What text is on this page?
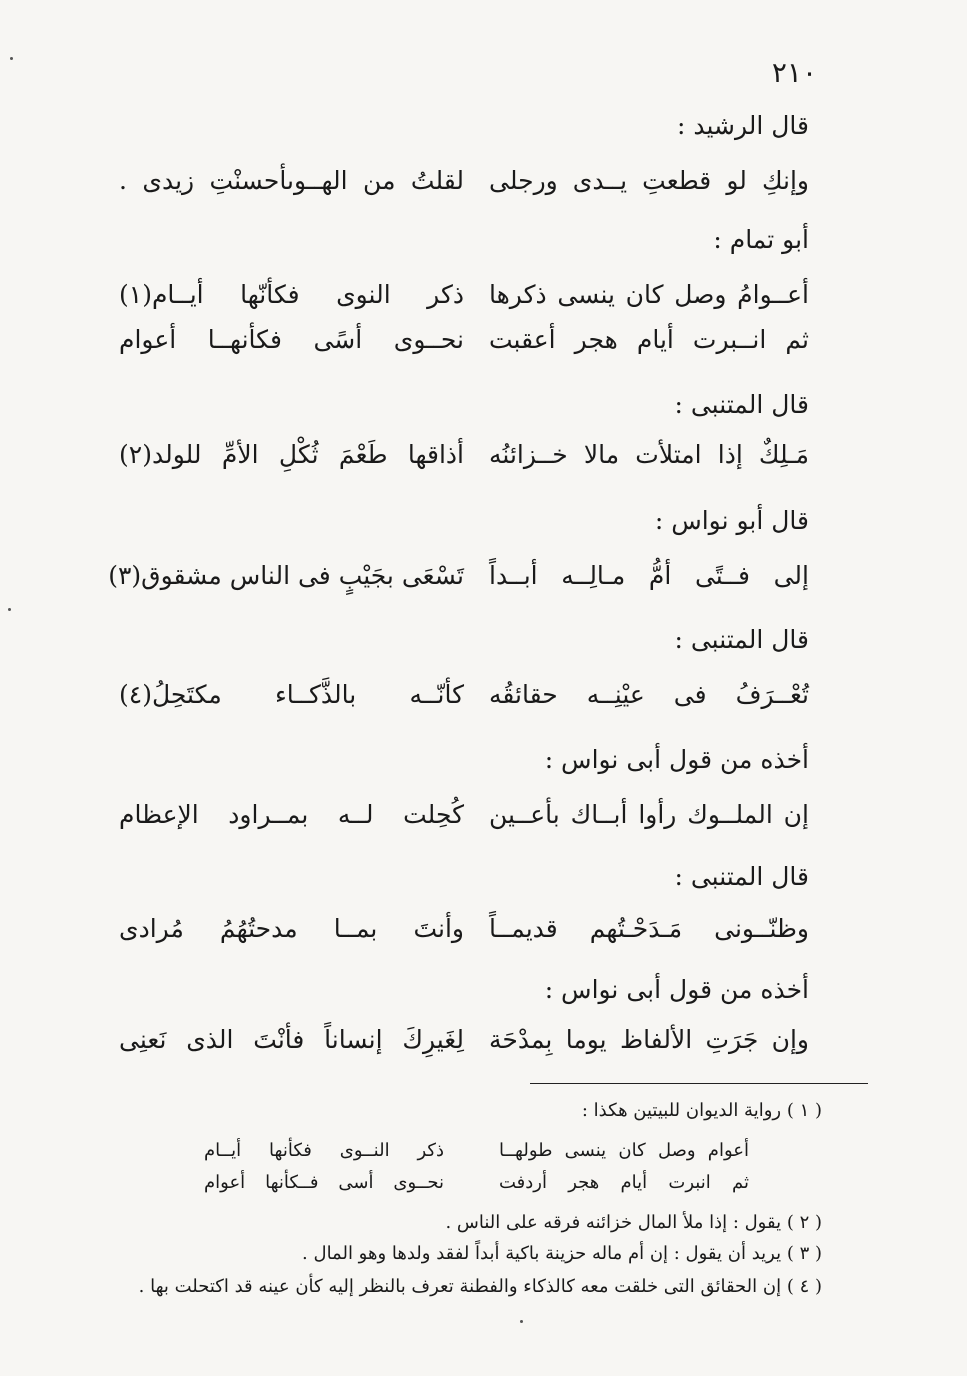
٢١٠
قال الرشيد :
وإنكِ لو قطعتِ يــدى ورجلى
لقلتُ من الهــوىأحسنْتِ زيدى .
أبو تمام :
أعــوامُ وصل كان ينسى ذكرها
ذكر النوى فكأنّها أيــام(١)
ثم انــبرت أيام هجر أعقبت
نحــوى أسًى فكأنهــا أعوام
قال المتنبى :
مَـلِكٌ إذا امتلأت مالا خــزائنُه
أذاقها طَعْمَ ثُكْلِ الأمِّ للولد(٢)
قال أبو نواس :
إلى فــتًى أمُّ مـالِــه أبــداً
تَسْعَى بجَيْبٍ فى الناس مشقوق(٣)
قال المتنبى :
تُعْــرَفُ فى عيْنِــه حقائقُه
كأنّــه بالذَّكــاء مكتَحِلُ(٤)
أخذه من قول أبى نواس :
إن الملــوك رأوا أبــاك بأعــين
كُحِلت لــه بمــراود الإعظام
قال المتنبى :
وظنّــونى مَـدَحْـتُهم قديمــاً
وأنتَ بمــا مدحتُهُمُ مُرادى
أخذه من قول أبى نواس :
وإن جَرَتِ الألفاظ يوما بِمدْحَة
لِغَيرِكَ إنساناً فأنْتَ الذى نَعنِى
( ١ ) رواية الديوان للبيتين هكذا :
أعوام وصل كان ينسى طولهــا
ذكر النــوى فكأنها أيــام
ثم انبرت أيام هجر أردفت
نحــوى أسى فــكأنها أعوام
( ٢ ) يقول : إذا ملأ المال خزائنه فرقه على الناس .
( ٣ ) يريد أن يقول : إن أم ماله حزينة باكية أبداً لفقد ولدها وهو المال .
( ٤ ) إن الحقائق التى خلقت معه كالذكاء والفطنة تعرف بالنظر إليه كأن عينه قد اكتحلت بها .
